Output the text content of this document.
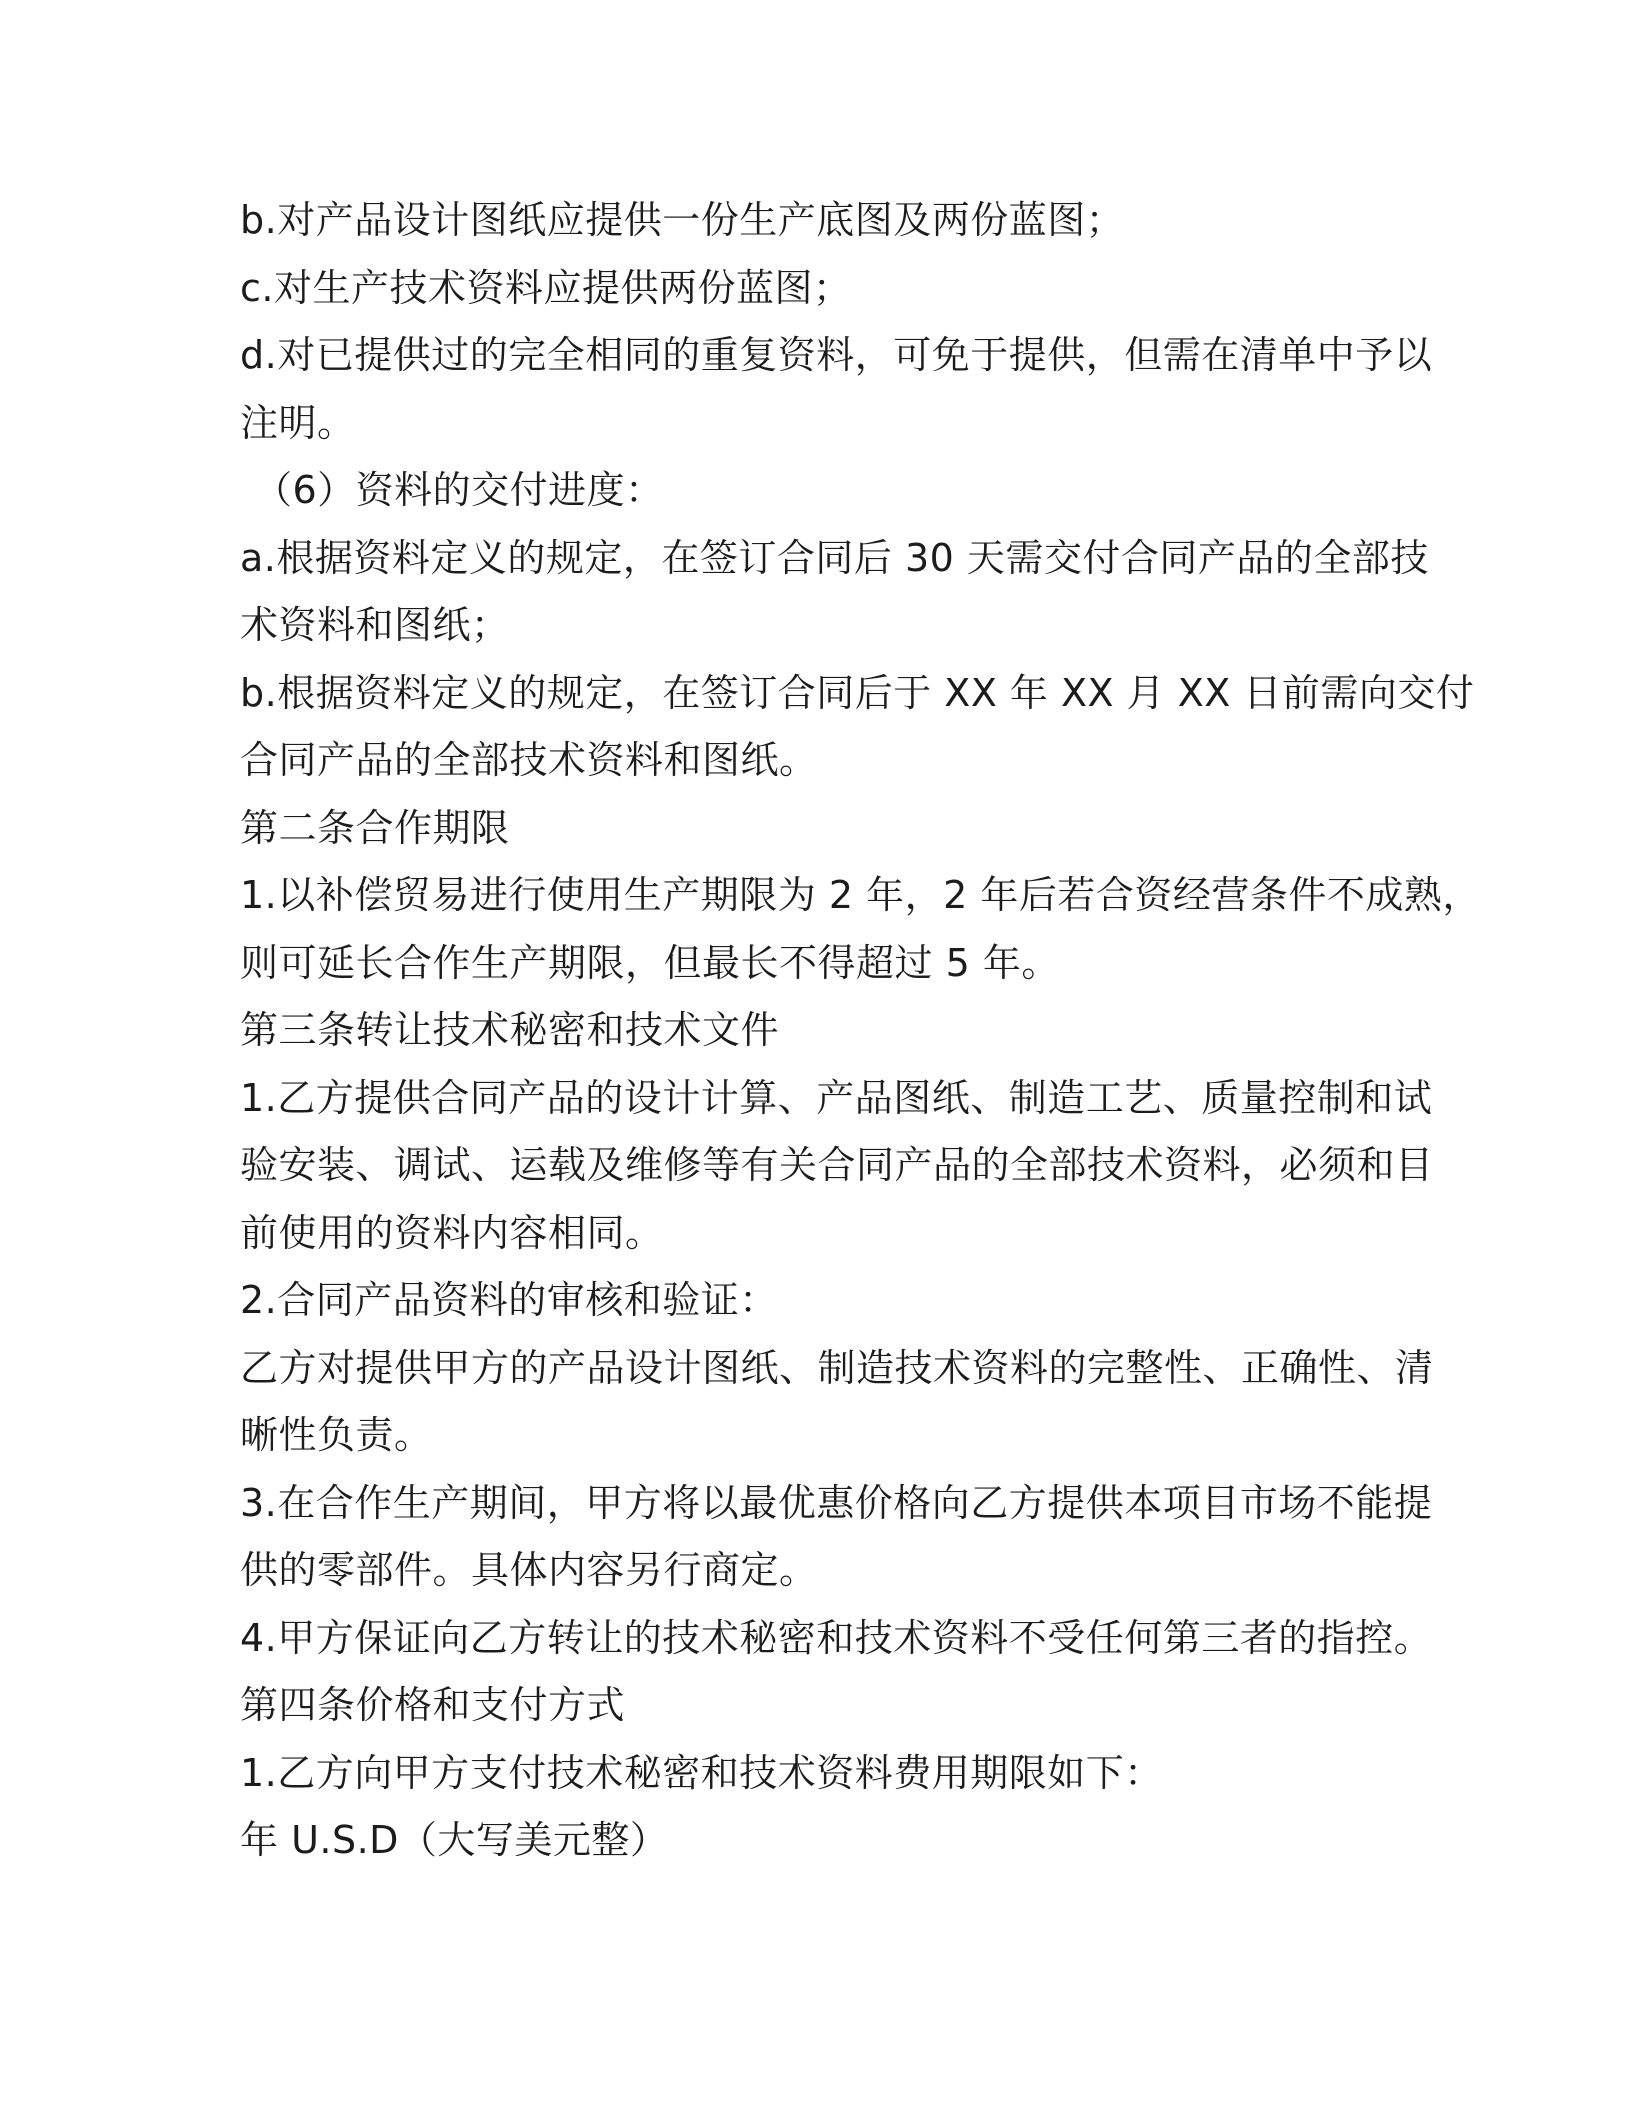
b.对产品设计图纸应提供一份生产底图及两份蓝图；
c.对生产技术资料应提供两份蓝图；
d.对已提供过的完全相同的重复资料，可免于提供，但需在清单中予以
注明。
（6）资料的交付进度：
a.根据资料定义的规定，在签订合同后 30 天需交付合同产品的全部技
术资料和图纸；
b.根据资料定义的规定，在签订合同后于 XX 年 XX 月 XX 日前需向交付
合同产品的全部技术资料和图纸。
第二条合作期限
1.以补偿贸易进行使用生产期限为 2 年，2 年后若合资经营条件不成熟，
则可延长合作生产期限，但最长不得超过 5 年。
第三条转让技术秘密和技术文件
1.乙方提供合同产品的设计计算、产品图纸、制造工艺、质量控制和试
验安装、调试、运载及维修等有关合同产品的全部技术资料，必须和目
前使用的资料内容相同。
2.合同产品资料的审核和验证：
乙方对提供甲方的产品设计图纸、制造技术资料的完整性、正确性、清
晰性负责。
3.在合作生产期间，甲方将以最优惠价格向乙方提供本项目市场不能提
供的零部件。具体内容另行商定。
4.甲方保证向乙方转让的技术秘密和技术资料不受任何第三者的指控。
第四条价格和支付方式
1.乙方向甲方支付技术秘密和技术资料费用期限如下：
年 U.S.D（大写美元整）
